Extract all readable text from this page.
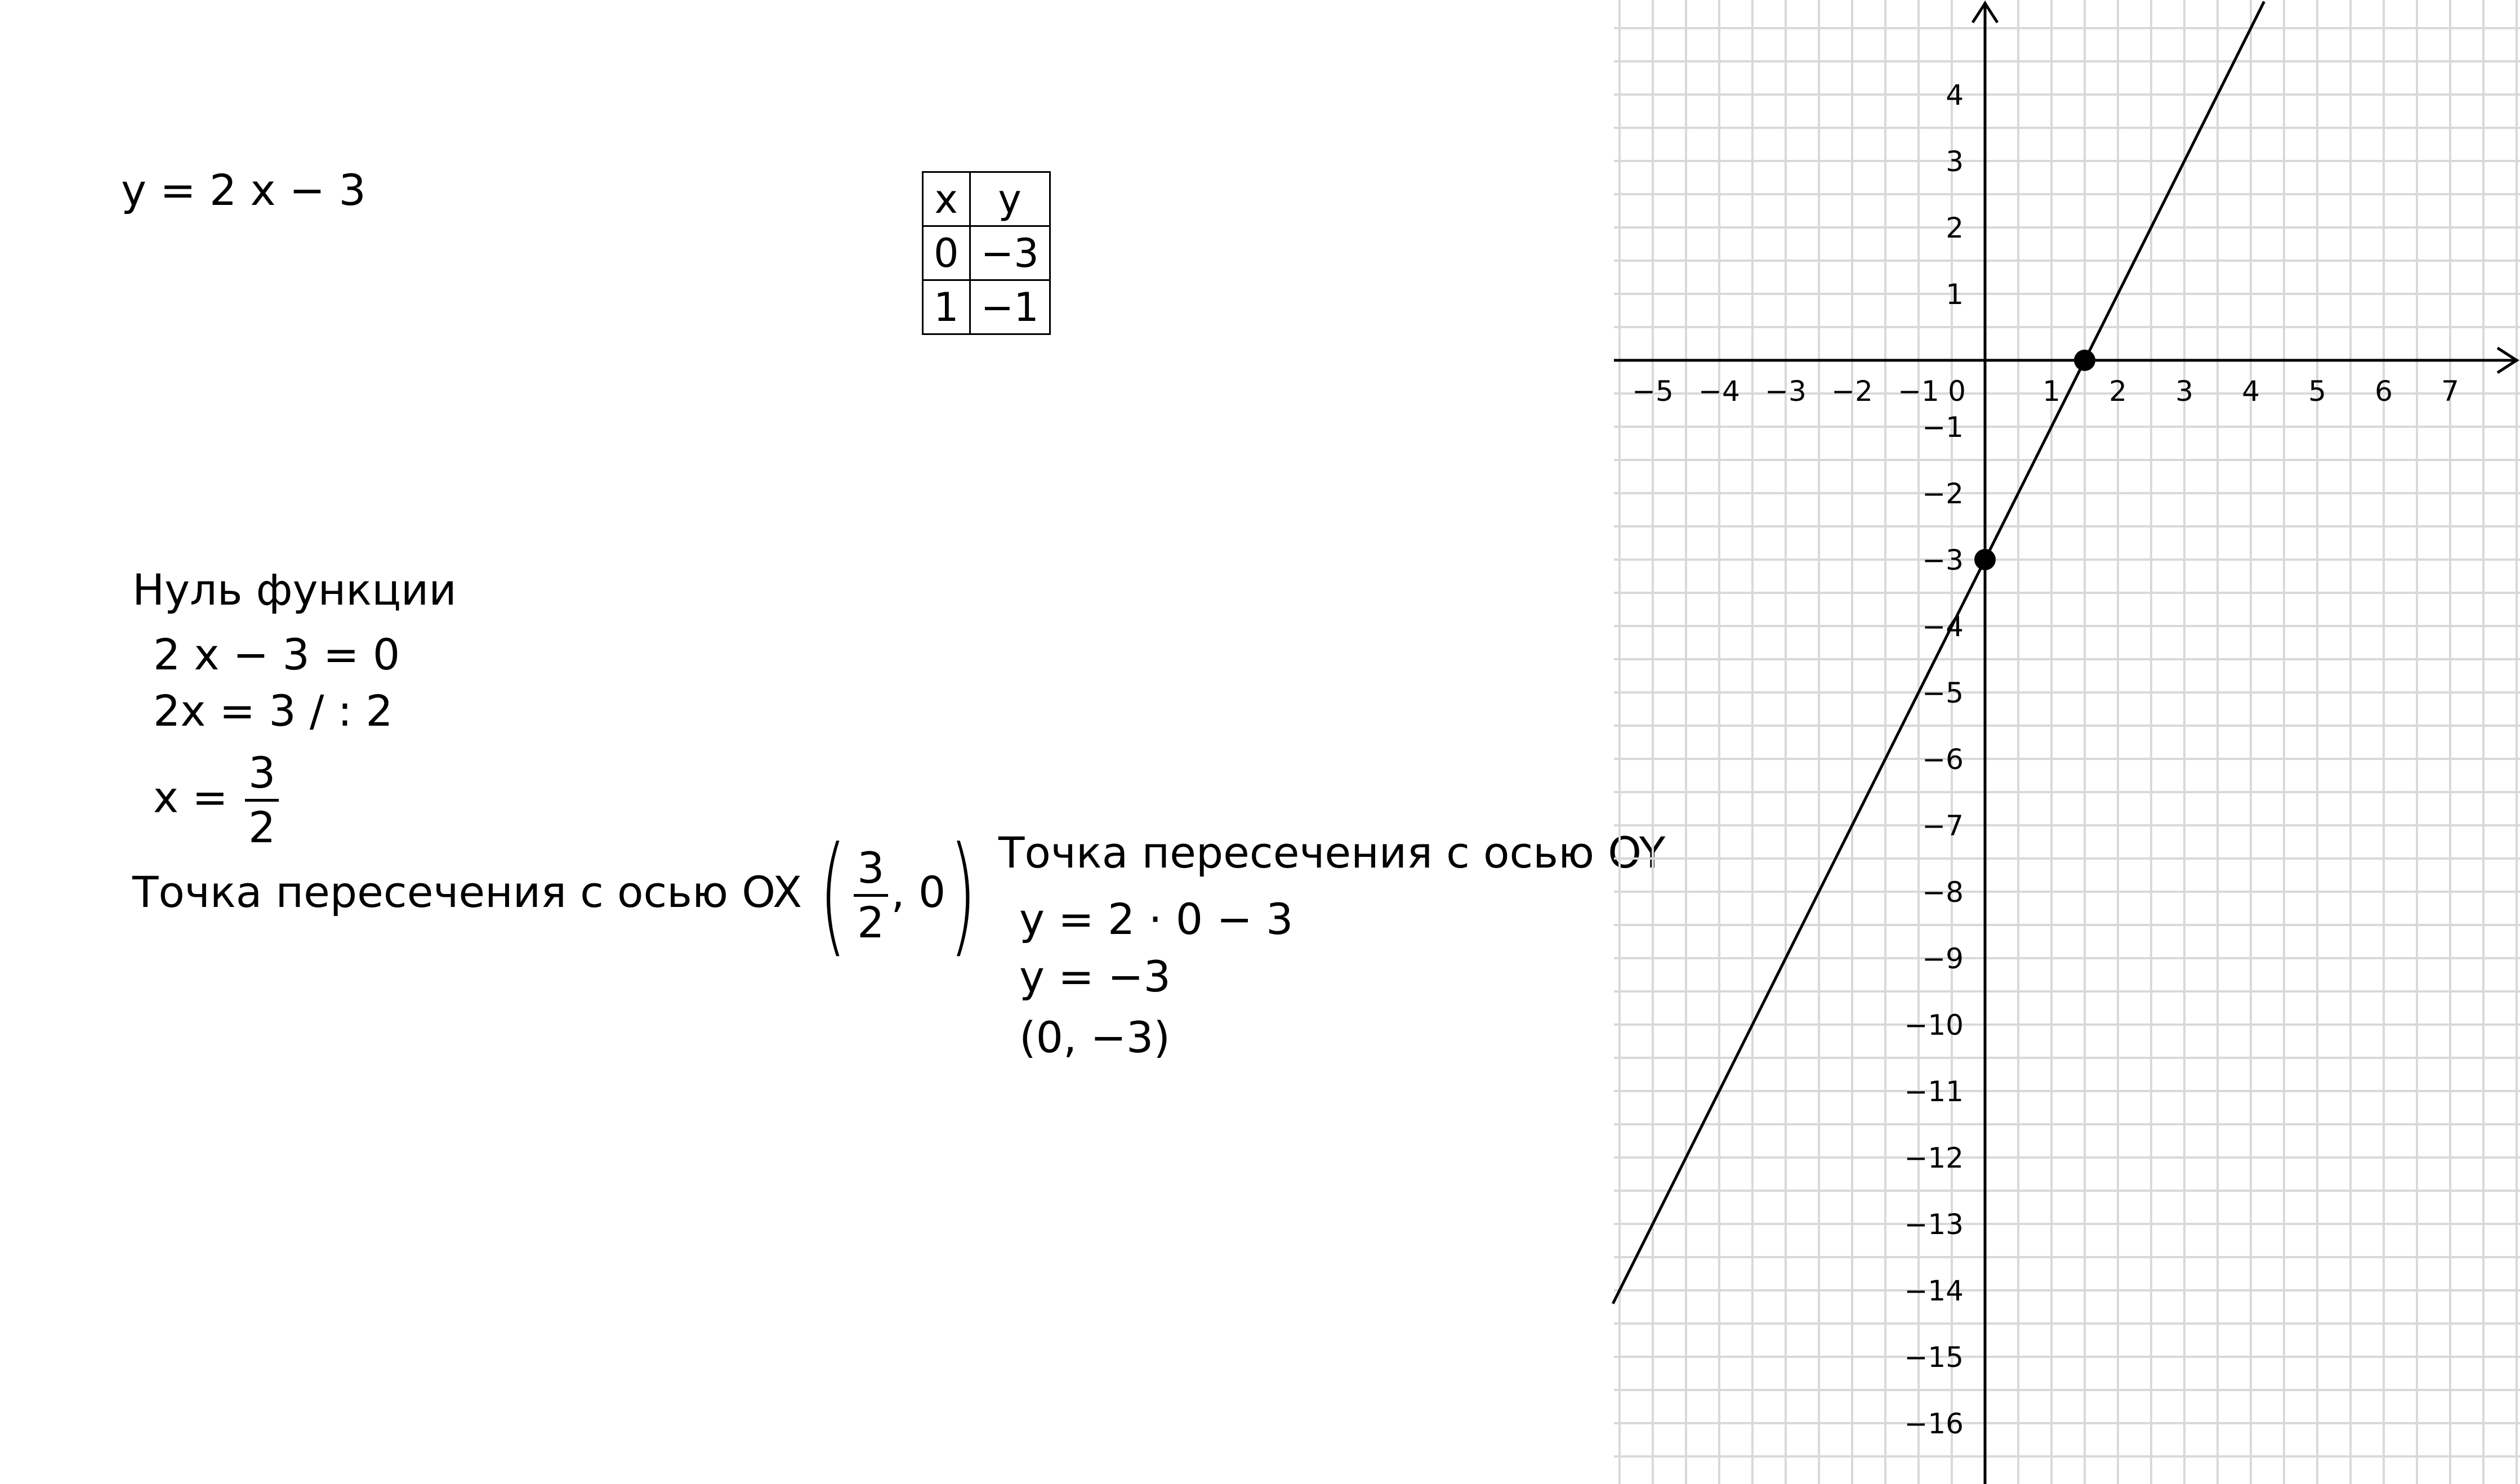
y = 2 x − 3	x	y
0	−3
1	−1
Нуль функции
2 x − 3 = 0
2x = 3 / : 2
$x = \frac{3}{2}$
Точка пересечения с осью OX ( $\frac{3}{2}$ , 0) Точка пересечения с осью OY
y = 2 · 0 − 3
y = −3
(0, −3)
−5 −4 −3 −2 −1 0	1 2 3 4 5 6 7
4
3
2
1
−1
−2
−3
−4
−5
−6
−7
−8
−9
−10
−11
−12
−13
−14
−15
−16
